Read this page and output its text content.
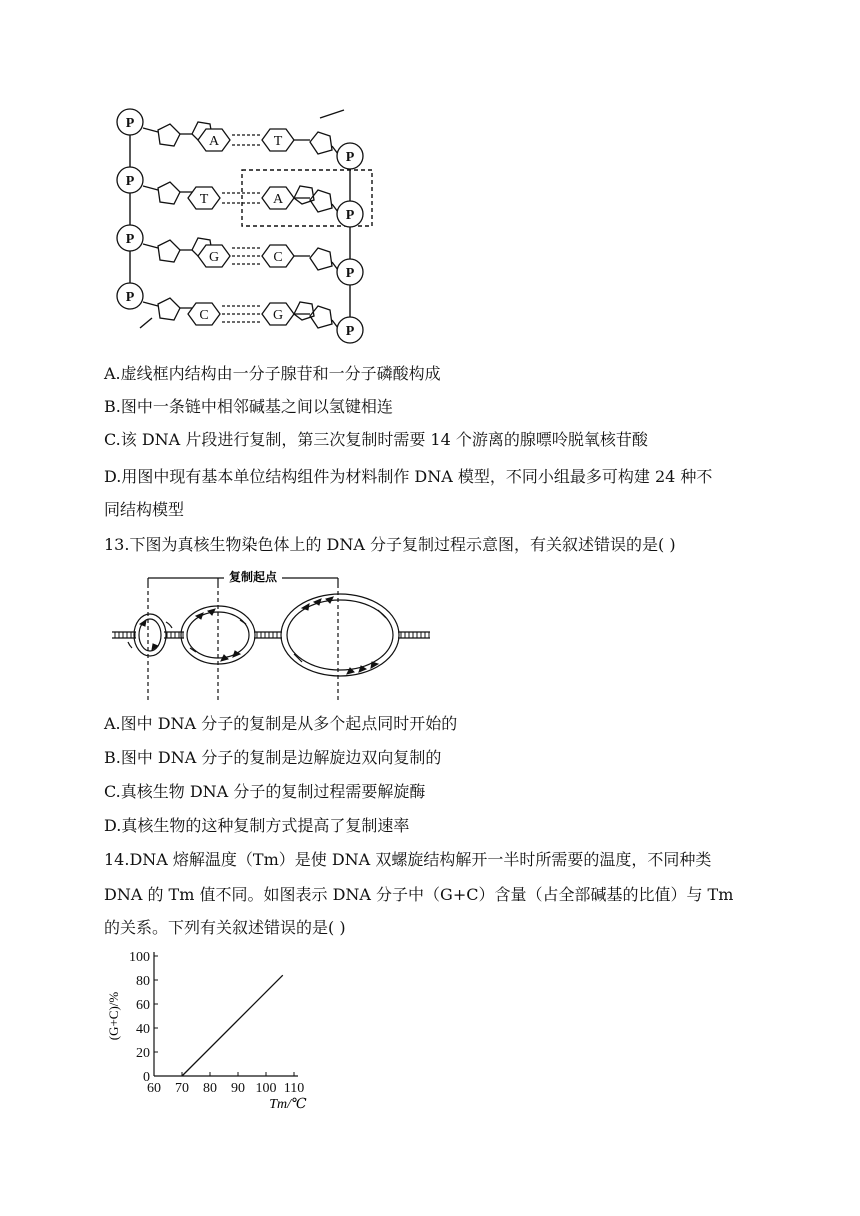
P
A	T
P
P
T	A
P
P
G	C
P
P
C	G
P
A.虚线框内结构由一分子腺苷和一分子磷酸构成
B.图中一条链中相邻碱基之间以氢键相连
C.该 DNA 片段进行复制，第三次复制时需要 14 个游离的腺嘌呤脱氧核苷酸
D.用图中现有基本单位结构组件为材料制作 DNA 模型，不同小组最多可构建 24 种不
同结构模型
13.下图为真核生物染色体上的 DNA 分子复制过程示意图，有关叙述错误的是( )
复制起点
A.图中 DNA 分子的复制是从多个起点同时开始的
B.图中 DNA 分子的复制是边解旋边双向复制的
C.真核生物 DNA 分子的复制过程需要解旋酶
D.真核生物的这种复制方式提高了复制速率
14.DNA 熔解温度（Tm）是使 DNA 双螺旋结构解开一半时所需要的温度，不同种类
DNA 的 Tm 值不同。如图表示 DNA 分子中（G+C）含量（占全部碱基的比值）与 Tm
的关系。下列有关叙述错误的是( )
0
20
40
60
80
100
60 70 80 90 100 110
(G+C)/%
Tm/℃
